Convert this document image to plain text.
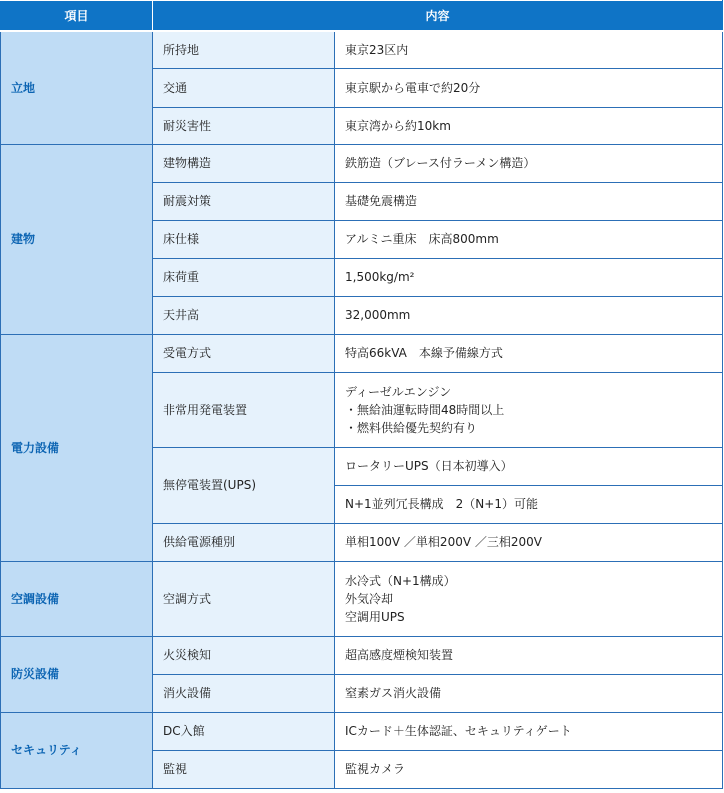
項目	内容	
立地	所持地	東京23区内

	交通	東京駅から電車で約20分

	耐災害性	東京湾から約10km

建物	建物構造	鉄筋造（ブレース付ラーメン構造）

	耐震対策	基礎免震構造

	床仕様	アルミニ重床　床高800mm

	床荷重	1,500kg/m²

	天井高	32,000mm

電力設備	受電方式	特高66kVA　本線予備線方式

	非常用発電装置	ディーゼルエンジン
・無給油運転時間48時間以上
・燃料供給優先契約有り

	無停電装置(UPS)	ロータリーUPS（日本初導入）

		N+1並列冗長構成　2（N+1）可能

	供給電源種別	単相100V ／単相200V ／三相200V

空調設備	空調方式	水冷式（N+1構成）
外気冷却
空調用UPS

防災設備	火災検知	超高感度煙検知装置

	消火設備	窒素ガス消火設備

セキュリティ	DC入館	ICカード＋生体認証、セキュリティゲート

	監視	監視カメラ
